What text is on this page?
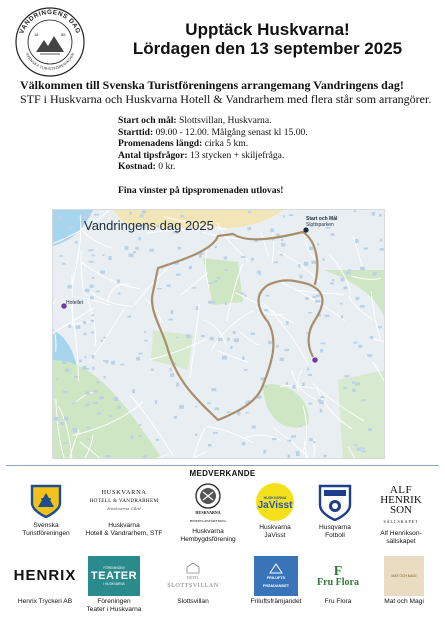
VANDRINGENS DAG
SVENSKA TURISTFÖRENINGEN
18	85	Upptäck Huskvarna!
Lördagen den 13 september 2025
Välkommen till Svenska Turistföreningens arrangemang Vandringens dag!
STF i Huskvarna och Huskvarna Hotell & Vandrarhem med flera står som arrangörer.
Start och mål: Slottsvillan, Huskvarna.
Starttid: 09.00 - 12.00. Målgång senast kl 15.00.
Promenadens längd: cirka 5 km.
Antal tipsfrågor: 13 stycken + skiljefråga.
Kostnad: 0 kr.
Fina vinster på tipspromenaden utlovas!
Vandringens dag 2025	Start och Mål
Slottsparken
Hotellet
MEDVERKANDE
Svenska
Turistföreningen
HUSKVARNA
HOTELL & VANDRARHEM
Huskvarna Gård
Huskvarna
Hotell & Vandrarhem, STF
HUSKVARNA
HEMBYGDSFÖRENING
Huskvarna
Hembygdsförening
HUSKVARNA
JaVisst
Huskvarna
JaVisst
Husqvarna
Fotboll
ALF
HENRIK
SON
SÄLLSKAPET
Alf Henrikson-
sällskapet
HENRIX
Henrix Tryckeri AB
FÖRENINGEN
TEATER
I HUSKVARNA
Föreningen
Teater i Huskvarna
HOTEL
SLOTTSVILLAN
Slottsvillan
FRILUFTS
FRÄMJANDET
Friluftsfrämjandet
F
Fru Flora
Fru Flora
MAT OCH MAGI
Mat och Magi
